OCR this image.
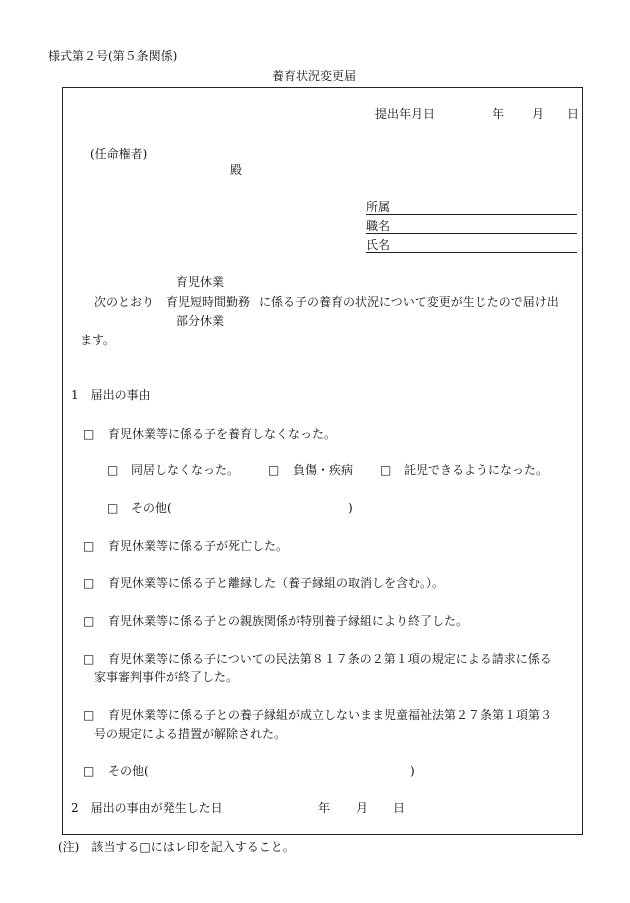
様式第２号(第５条関係)
養育状況変更届
提出年月日	年 月 日
(任命権者)
殿
所属
職名
氏名
育児休業
次のとおり 育児短時間勤務 に係る子の養育の状況について変更が生じたので届け出
部分休業
ます。
1　届出の事由
□ 育児休業等に係る子を養育しなくなった。
□ 同居しなくなった。 □ 負傷・疾病 □ 託児できるようになった。
□ その他(	)
□ 育児休業等に係る子が死亡した。
□ 育児休業等に係る子と離縁した（養子縁組の取消しを含む。）。
□ 育児休業等に係る子との親族関係が特別養子縁組により終了した。
□ 育児休業等に係る子についての民法第８１７条の２第１項の規定による請求に係る
家事審判事件が終了した。
□ 育児休業等に係る子との養子縁組が成立しないまま児童福祉法第２７条第１項第３
号の規定による措置が解除された。
□ その他(	)
2　届出の事由が発生した日	年 月 日
(注)　該当する□にはレ印を記入すること。
